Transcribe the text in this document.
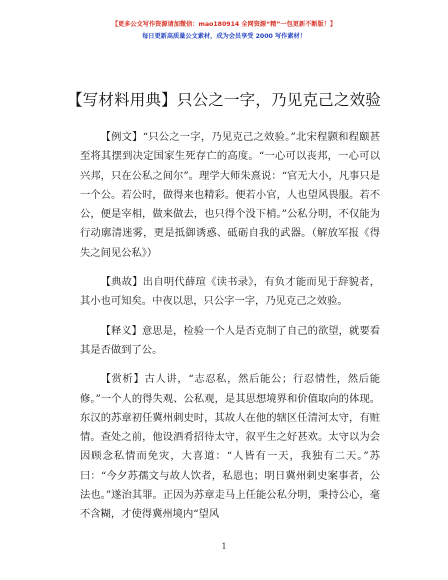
【更多公文写作资源请加微信：mao180914 全网资源“精”一包更新不断版！】
每日更新高质量公文素材，成为会员享受 2000 写作素材！
【写材料用典】只公之一字，乃见克己之效验

【例文】“只公之一字，乃见克己之效验。”北宋程颢和程颐甚至将其摆到决定国家生死存亡的高度。“一心可以丧邦，一心可以兴邦，只在公私之间尔”。理学大师朱熹说：“官无大小，凡事只是一个公。若公时，做得来也精彩。便若小官，人也望风畏服。若不公，便是宰相，做来做去，也只得个没下梢。”公私分明，不仅能为行动廓清迷雾，更是抵御诱惑、砥砺自我的武器。（解放军报《得失之间见公私》）

【典故】出自明代薛瑄《读书录》，有负才能而见于辞貌者，其小也可知矣。中夜以思，只公字一字，乃见克己之效验。

【释义】意思是，检验一个人是否克制了自己的欲望，就要看其是否做到了公。

【赏析】古人讲，“志忍私，然后能公；行忍情性，然后能修。”一个人的得失观、公私观，是其思想境界和价值取向的体现。东汉的苏章初任冀州刺史时，其故人在他的辖区任清河太守，有赃情。查处之前，他设酒肴招待太守，叙平生之好甚欢。太守以为会因顾念私情而免灾，大喜道：“人皆有一天，我独有二天。”苏曰：“今夕苏孺文与故人饮者，私恩也；明日冀州刺史案事者，公法也。”遂治其罪。正因为苏章走马上任能公私分明，秉持公心，毫不含糊，才使得冀州境内“望风

1
